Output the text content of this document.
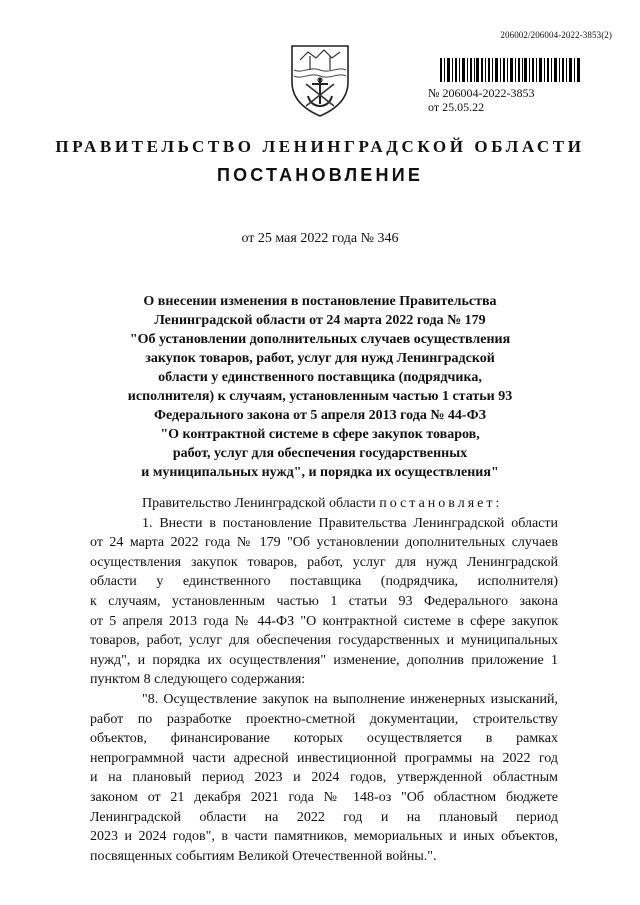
206002/206004-2022-3853(2)
№ 206004-2022-3853
от 25.05.22
ПРАВИТЕЛЬСТВО ЛЕНИНГРАДСКОЙ ОБЛАСТИ
ПОСТАНОВЛЕНИЕ
от 25 мая 2022 года № 346
О внесении изменения в постановление Правительства
Ленинградской области от 24 марта 2022 года № 179
"Об установлении дополнительных случаев осуществления
закупок товаров, работ, услуг для нужд Ленинградской
области у единственного поставщика (подрядчика,
исполнителя) к случаям, установленным частью 1 статьи 93
Федерального закона от 5 апреля 2013 года № 44-ФЗ
"О контрактной системе в сфере закупок товаров,
работ, услуг для обеспечения государственных
и муниципальных нужд", и порядка их осуществления"
Правительство Ленинградской области постановляет:
1. Внести в постановление Правительства Ленинградской области
от 24 марта 2022 года № 179 "Об установлении дополнительных случаев
осуществления закупок товаров, работ, услуг для нужд Ленинградской
области у единственного поставщика (подрядчика, исполнителя)
к случаям, установленным частью 1 статьи 93 Федерального закона
от 5 апреля 2013 года № 44-ФЗ "О контрактной системе в сфере закупок
товаров, работ, услуг для обеспечения государственных и муниципальных
нужд", и порядка их осуществления" изменение, дополнив приложение 1
пунктом 8 следующего содержания:
"8. Осуществление закупок на выполнение инженерных изысканий,
работ по разработке проектно-сметной документации, строительству
объектов, финансирование которых осуществляется в рамках
непрограммной части адресной инвестиционной программы на 2022 год
и на плановый период 2023 и 2024 годов, утвержденной областным
законом от 21 декабря 2021 года № 148-оз "Об областном бюджете
Ленинградской области на 2022 год и на плановый период
2023 и 2024 годов", в части памятников, мемориальных и иных объектов,
посвященных событиям Великой Отечественной войны.".
